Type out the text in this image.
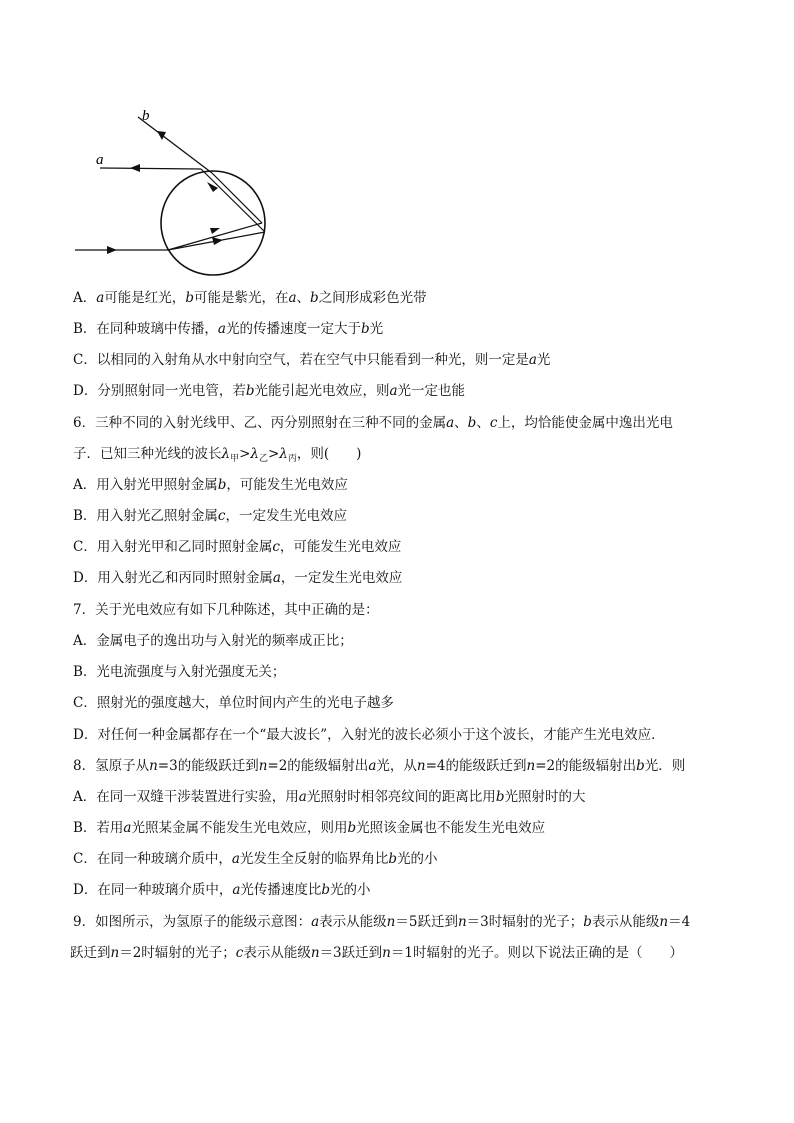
a
b
A．a可能是红光，b可能是紫光，在a、b之间形成彩色光带
B．在同种玻璃中传播，a光的传播速度一定大于b光
C．以相同的入射角从水中射向空气，若在空气中只能看到一种光，则一定是a光
D．分别照射同一光电管，若b光能引起光电效应，则a光一定也能
6．三种不同的入射光线甲、乙、丙分别照射在三种不同的金属a、b、c上，均恰能使金属中逸出光电
子．已知三种光线的波长$\lambda_甲>\lambda_乙>\lambda_丙$，则(　　)
A．用入射光甲照射金属b，可能发生光电效应
B．用入射光乙照射金属c，一定发生光电效应
C．用入射光甲和乙同时照射金属c，可能发生光电效应
D．用入射光乙和丙同时照射金属a，一定发生光电效应
7．关于光电效应有如下几种陈述，其中正确的是：
A．金属电子的逸出功与入射光的频率成正比；
B．光电流强度与入射光强度无关；
C．照射光的强度越大，单位时间内产生的光电子越多
D．对任何一种金属都存在一个“最大波长”，入射光的波长必须小于这个波长，才能产生光电效应．
8．氢原子从n=3的能级跃迁到n=2的能级辐射出a光，从n=4的能级跃迁到n=2的能级辐射出b光．则
A．在同一双缝干涉装置进行实验，用a光照射时相邻亮纹间的距离比用b光照射时的大
B．若用a光照某金属不能发生光电效应，则用b光照该金属也不能发生光电效应
C．在同一种玻璃介质中，a光发生全反射的临界角比b光的小
D．在同一种玻璃介质中，a光传播速度比b光的小
9．如图所示，为氢原子的能级示意图：a表示从能级n＝5跃迁到n＝3时辐射的光子；b表示从能级n＝4
跃迁到n＝2时辐射的光子；c表示从能级n＝3跃迁到n＝1时辐射的光子。则以下说法正确的是（　　）
